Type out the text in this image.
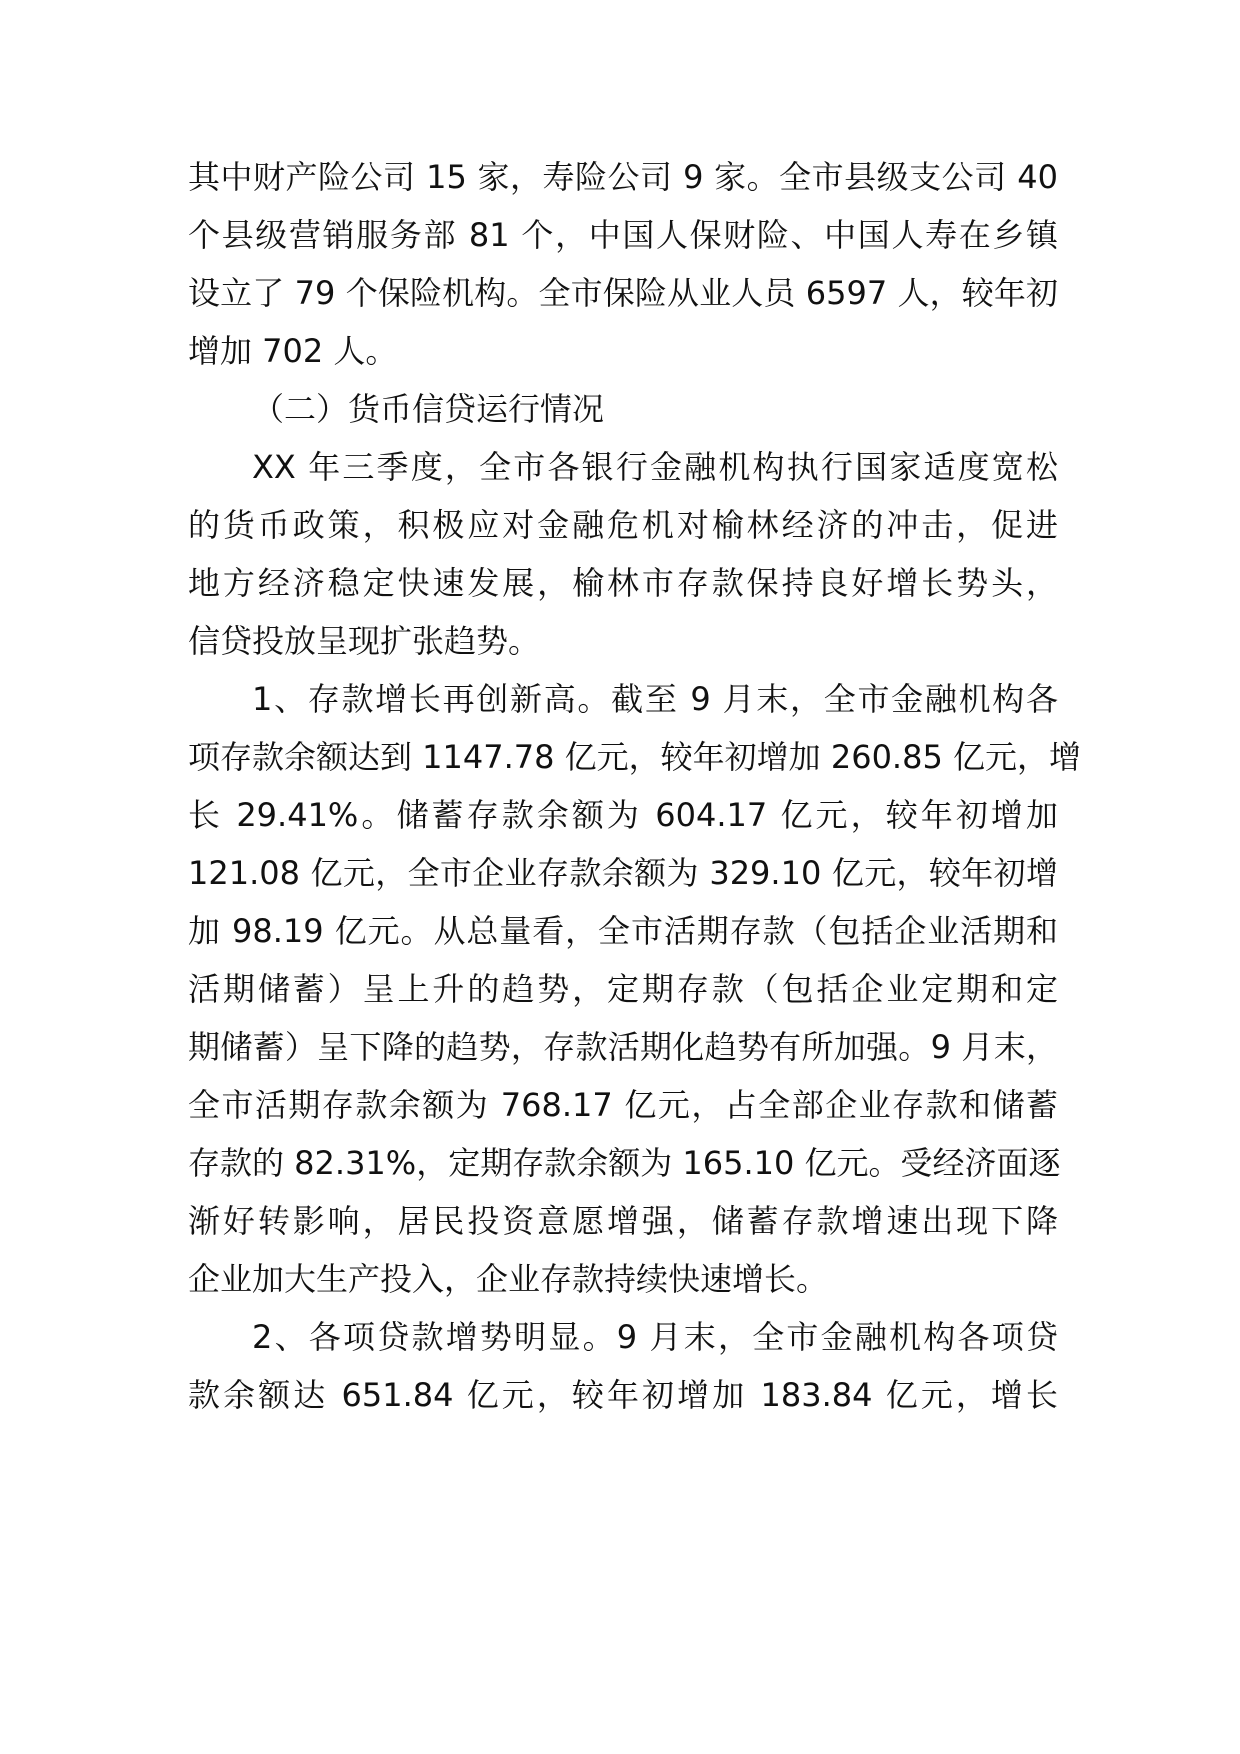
其中财产险公司 15 家，寿险公司 9 家。全市县级支公司 40
个县级营销服务部 81 个，中国人保财险、中国人寿在乡镇
设立了 79 个保险机构。全市保险从业人员 6597 人，较年初
增加 702 人。
（二）货币信贷运行情况
XX 年三季度，全市各银行金融机构执行国家适度宽松
的货币政策，积极应对金融危机对榆林经济的冲击，促进
地方经济稳定快速发展，榆林市存款保持良好增长势头，
信贷投放呈现扩张趋势。
1、存款增长再创新高。截至 9 月末，全市金融机构各
项存款余额达到 1147.78 亿元，较年初增加 260.85 亿元，增
长 29.41%。储蓄存款余额为 604.17 亿元，较年初增加
121.08 亿元，全市企业存款余额为 329.10 亿元，较年初增
加 98.19 亿元。从总量看，全市活期存款（包括企业活期和
活期储蓄）呈上升的趋势，定期存款（包括企业定期和定
期储蓄）呈下降的趋势，存款活期化趋势有所加强。9 月末，
全市活期存款余额为 768.17 亿元，占全部企业存款和储蓄
存款的 82.31%，定期存款余额为 165.10 亿元。受经济面逐
渐好转影响，居民投资意愿增强，储蓄存款增速出现下降
企业加大生产投入，企业存款持续快速增长。
2、各项贷款增势明显。9 月末，全市金融机构各项贷
款余额达 651.84 亿元，较年初增加 183.84 亿元，增长
